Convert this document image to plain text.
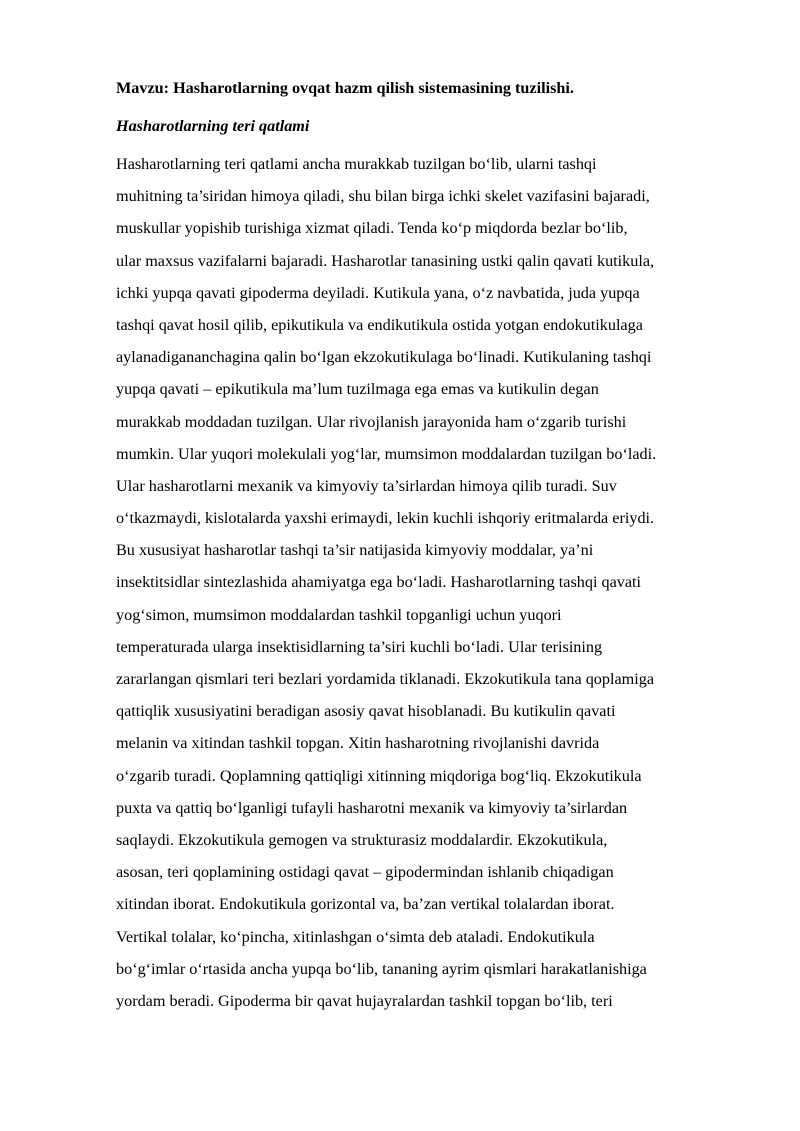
Mavzu: Hasharotlarning ovqat hazm qilish sistemasining tuzilishi.
Hasharotlarning teri qatlami
Hasharotlarning teri qatlami ancha murakkab tuzilgan bo‘lib, ularni tashqi
muhitning ta’siridan himoya qiladi, shu bilan birga ichki skelet vazifasini bajaradi,
muskullar yopishib turishiga xizmat qiladi. Tenda ko‘p miqdorda bezlar bo‘lib,
ular maxsus vazifalarni bajaradi. Hasharotlar tanasining ustki qalin qavati kutikula,
ichki yupqa qavati gipoderma deyiladi. Kutikula yana, o‘z navbatida, juda yupqa
tashqi qavat hosil qilib, epikutikula va endikutikula ostida yotgan endokutikulaga
aylanadigananchagina qalin bo‘lgan ekzokutikulaga bo‘linadi. Kutikulaning tashqi
yupqa qavati – epikutikula ma’lum tuzilmaga ega emas va kutikulin degan
murakkab moddadan tuzilgan. Ular rivojlanish jarayonida ham o‘zgarib turishi
mumkin. Ular yuqori molekulali yog‘lar, mumsimon moddalardan tuzilgan bo‘ladi.
Ular hasharotlarni mexanik va kimyoviy ta’sirlardan himoya qilib turadi. Suv
o‘tkazmaydi, kislotalarda yaxshi erimaydi, lekin kuchli ishqoriy eritmalarda eriydi.
Bu xususiyat hasharotlar tashqi ta’sir natijasida kimyoviy moddalar, ya’ni
insektitsidlar sintezlashida ahamiyatga ega bo‘ladi. Hasharotlarning tashqi qavati
yog‘simon, mumsimon moddalardan tashkil topganligi uchun yuqori
temperaturada ularga insektisidlarning ta’siri kuchli bo‘ladi. Ular terisining
zararlangan qismlari teri bezlari yordamida tiklanadi. Ekzokutikula tana qoplamiga
qattiqlik xususiyatini beradigan asosiy qavat hisoblanadi. Bu kutikulin qavati
melanin va xitindan tashkil topgan. Xitin hasharotning rivojlanishi davrida
o‘zgarib turadi. Qoplamning qattiqligi xitinning miqdoriga bog‘liq. Ekzokutikula
puxta va qattiq bo‘lganligi tufayli hasharotni mexanik va kimyoviy ta’sirlardan
saqlaydi. Ekzokutikula gemogen va strukturasiz moddalardir. Ekzokutikula,
asosan, teri qoplamining ostidagi qavat – gipodermindan ishlanib chiqadigan
xitindan iborat. Endokutikula gorizontal va, ba’zan vertikal tolalardan iborat.
Vertikal tolalar, ko‘pincha, xitinlashgan o‘simta deb ataladi. Endokutikula
bo‘g‘imlar o‘rtasida ancha yupqa bo‘lib, tananing ayrim qismlari harakatlanishiga
yordam beradi. Gipoderma bir qavat hujayralardan tashkil topgan bo‘lib, teri
